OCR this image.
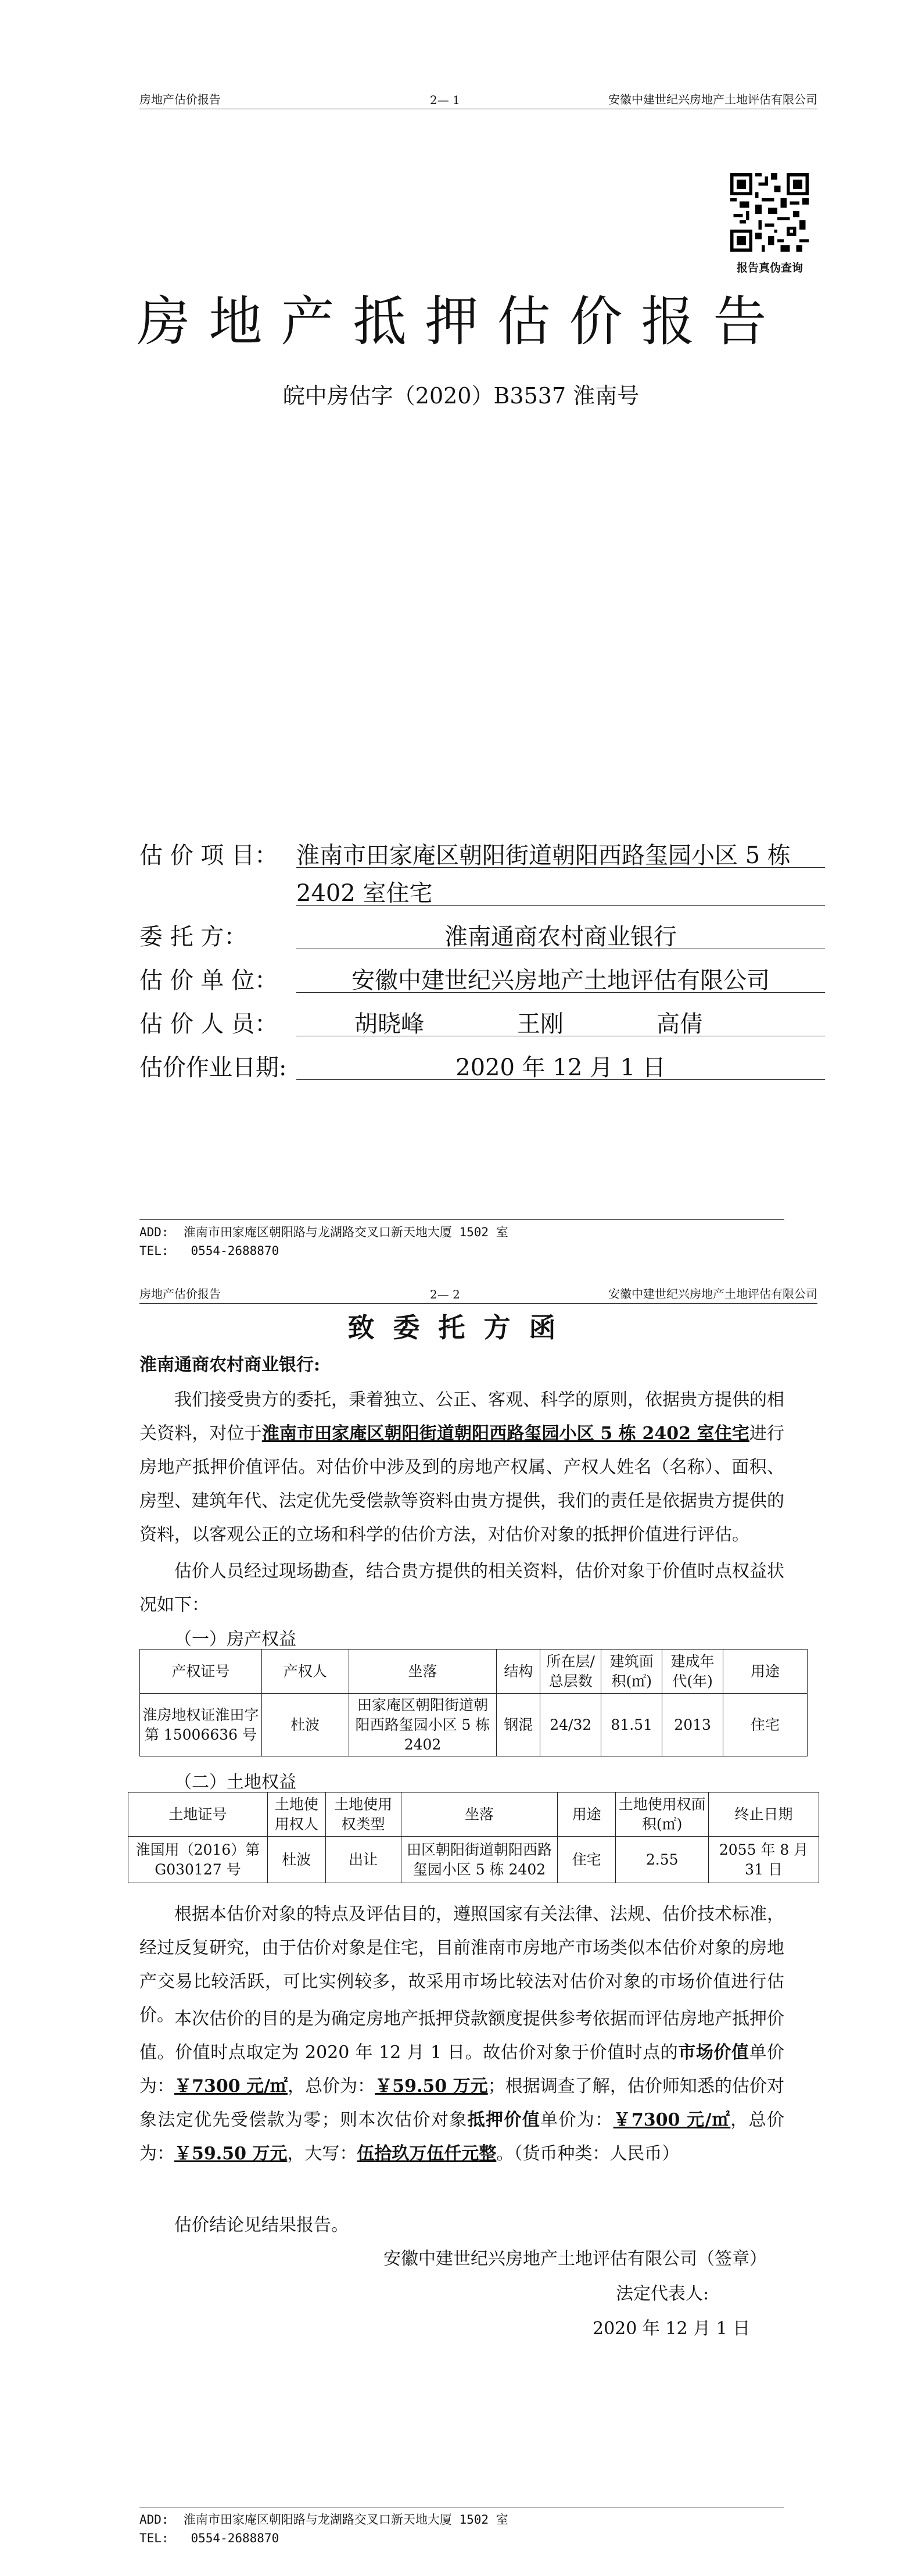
房地产估价报告	2— 1	安徽中建世纪兴房地产土地评估有限公司
报告真伪查询
房地产抵押估价报告
皖中房估字（2020）B3537 淮南号
估 价 项 目： 淮南市田家庵区朝阳街道朝阳西路玺园小区 5 栋
2402 室住宅
委 托 方：	淮南通商农村商业银行
估 价 单 位：	安徽中建世纪兴房地产土地评估有限公司
估 价 人 员：	胡晓峰	王刚	高倩
估价作业日期:	2020 年 12 月 1 日
ADD:  淮南市田家庵区朝阳路与龙湖路交叉口新天地大厦 1502 室
TEL:   0554-2688870
房地产估价报告	2— 2	安徽中建世纪兴房地产土地评估有限公司
致委托方函
淮南通商农村商业银行:
我们接受贵方的委托，秉着独立、公正、客观、科学的原则，依据贵方提供的相关资料，对位于淮南市田家庵区朝阳街道朝阳西路玺园小区 5 栋 2402 室住宅进行房地产抵押价值评估。对估价中涉及到的房地产权属、产权人姓名（名称）、面积、房型、建筑年代、法定优先受偿款等资料由贵方提供，我们的责任是依据贵方提供的资料，以客观公正的立场和科学的估价方法，对估价对象的抵押价值进行评估。
估价人员经过现场勘查，结合贵方提供的相关资料，估价对象于价值时点权益状况如下：
（一）房产权益
产权证号	产权人	坐落	结构	所在层/总层数	建筑面积(㎡)	建成年代(年)	用途
淮房地权证淮田字第 15006636 号	杜波	田家庵区朝阳街道朝阳西路玺园小区 5 栋 2402	钢混	24/32	81.51	2013	住宅
（二）土地权益
土地证号	土地使用权人	土地使用权类型	坐落	用途	土地使用权面积(㎡)	终止日期
淮国用（2016）第 G030127 号	杜波	出让	田区朝阳街道朝阳西路玺园小区 5 栋 2402	住宅	2.55	2055 年 8 月 31 日
根据本估价对象的特点及评估目的，遵照国家有关法律、法规、估价技术标准，经过反复研究，由于估价对象是住宅，目前淮南市房地产市场类似本估价对象的房地产交易比较活跃，可比实例较多，故采用市场比较法对估价对象的市场价值进行估价。 本次估价的目的是为确定房地产抵押贷款额度提供参考依据而评估房地产抵押价值。价值时点取定为 2020 年 12 月 1 日。故估价对象于价值时点的市场价值单价为：￥7300 元/㎡，总价为：￥59.50 万元；根据调查了解，估价师知悉的估价对象法定优先受偿款为零；则本次估价对象抵押价值单价为：￥7300 元/㎡，总价为：￥59.50 万元，大写：伍拾玖万伍仟元整。（货币种类：人民币）
估价结论见结果报告。
安徽中建世纪兴房地产土地评估有限公司（签章）
法定代表人:
2020 年 12 月 1 日
ADD:  淮南市田家庵区朝阳路与龙湖路交叉口新天地大厦 1502 室
TEL:   0554-2688870
